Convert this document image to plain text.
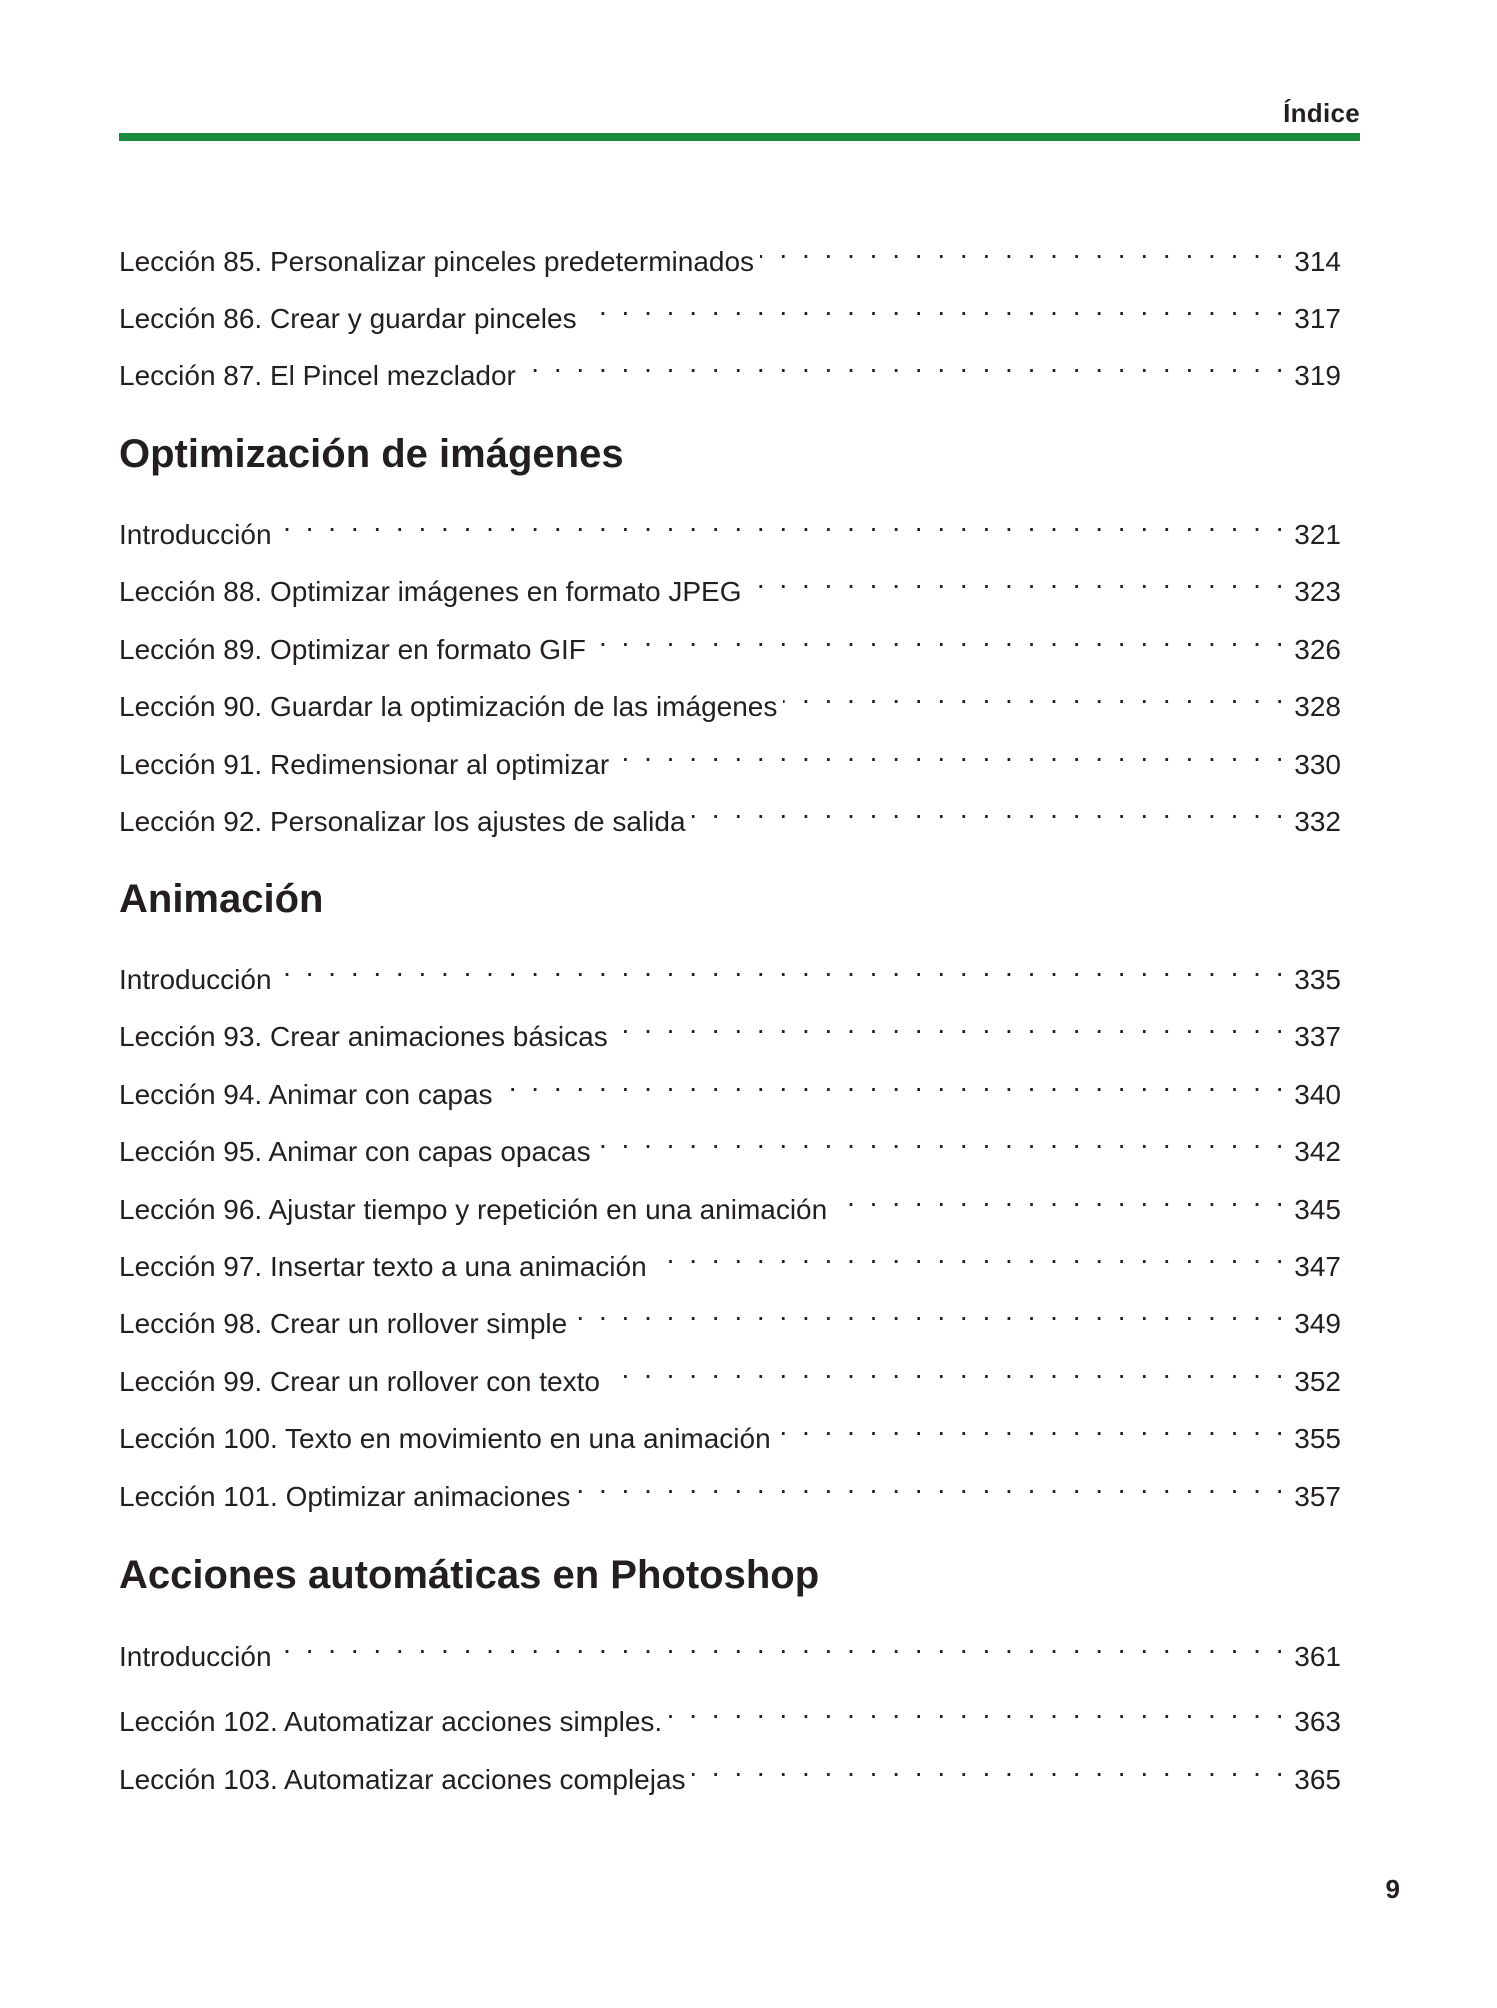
Índice
Lección 85. Personalizar pinceles predeterminados . . .	314
Lección 86. Crear y guardar pinceles . . .	317
Lección 87. El Pincel mezclador . . .	319
Optimización de imágenes
Introducción . . .	321
Lección 88. Optimizar imágenes en formato JPEG . . .	323
Lección 89. Optimizar en formato GIF . . .	326
Lección 90. Guardar la optimización de las imágenes . . .	328
Lección 91. Redimensionar al optimizar . . .	330
Lección 92. Personalizar los ajustes de salida . . .	332
Animación
Introducción . . .	335
Lección 93. Crear animaciones básicas . . .	337
Lección 94. Animar con capas . . .	340
Lección 95. Animar con capas opacas . . .	342
Lección 96. Ajustar tiempo y repetición en una animación . . .	345
Lección 97. Insertar texto a una animación . . .	347
Lección 98. Crear un rollover simple . . .	349
Lección 99. Crear un rollover con texto . . .	352
Lección 100. Texto en movimiento en una animación . . .	355
Lección 101. Optimizar animaciones . . .	357
Acciones automáticas en Photoshop
Introducción . . .	361
Lección 102. Automatizar acciones simples. . . .	363
Lección 103. Automatizar acciones complejas . . .	365
9
